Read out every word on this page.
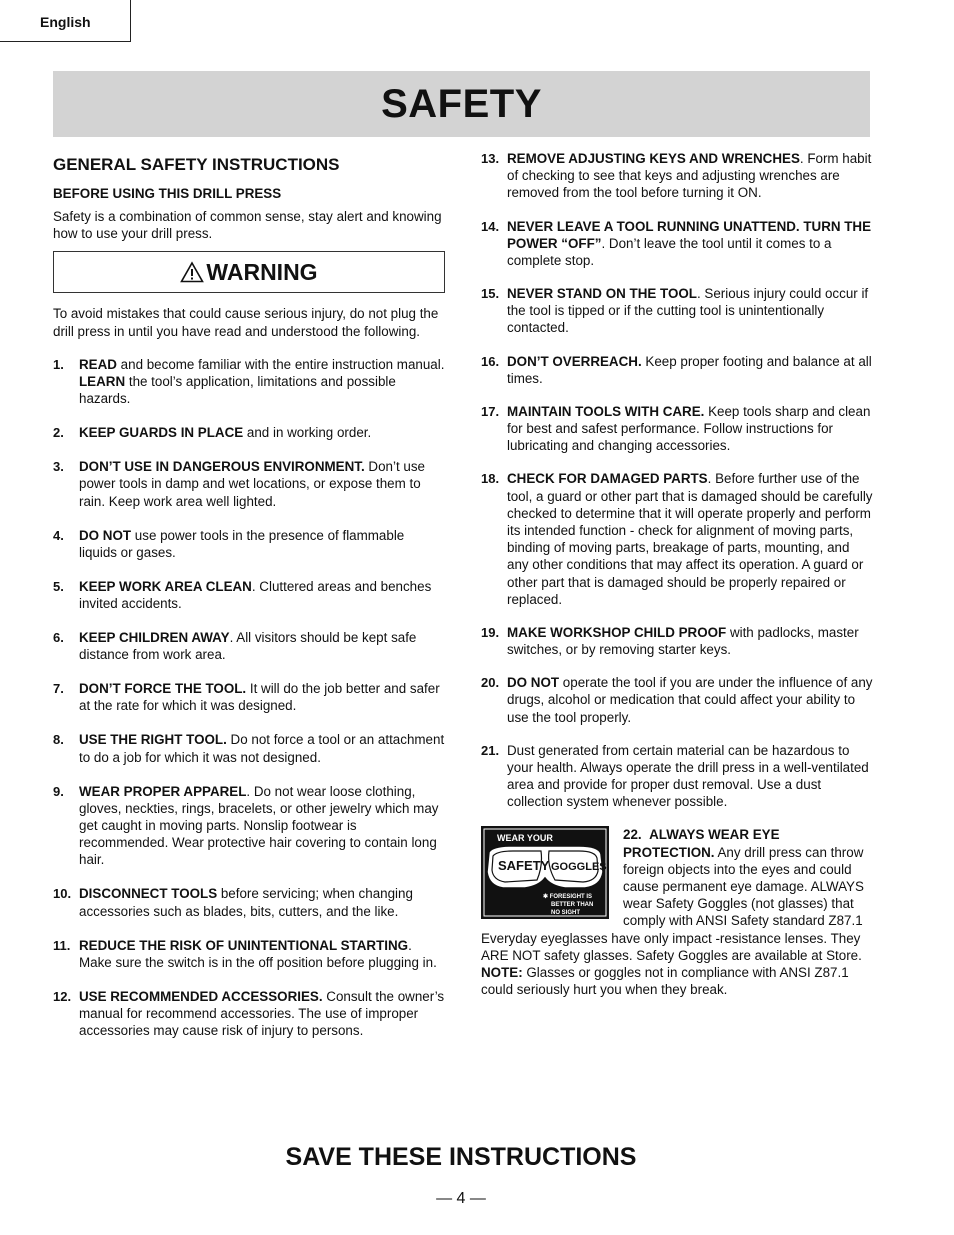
English
SAFETY
GENERAL SAFETY INSTRUCTIONS
BEFORE USING THIS DRILL PRESS

Safety is a combination of common sense, stay alert and knowing how to use your drill press.

WARNING

To avoid mistakes that could cause serious injury, do not plug the drill press in until you have read and understood the following.

1.	READ and become familiar with the entire instruction manual. LEARN the tool’s application, limitations and possible hazards.
2.	KEEP GUARDS IN PLACE and in working order.
3.	DON’T USE IN DANGEROUS ENVIRONMENT. Don’t use power tools in damp and wet locations, or expose them to rain. Keep work area well lighted.
4.	DO NOT use power tools in the presence of flammable liquids or gases.
5.	KEEP WORK AREA CLEAN. Cluttered areas and benches invited accidents.
6.	KEEP CHILDREN AWAY. All visitors should be kept safe distance from work area.
7.	DON’T FORCE THE TOOL. It will do the job better and safer at the rate for which it was designed.
8.	USE THE RIGHT TOOL. Do not force a tool or an attachment to do a job for which it was not designed.
9.	WEAR PROPER APPAREL. Do not wear loose clothing, gloves, neckties, rings, bracelets, or other jewelry which may get caught in moving parts. Nonslip footwear is recommended. Wear protective hair covering to contain long hair.
10. DISCONNECT TOOLS before servicing; when changing accessories such as blades, bits, cutters, and the like.
11. REDUCE THE RISK OF UNINTENTIONAL STARTING. Make sure the switch is in the off position before plugging in.
12. USE RECOMMENDED ACCESSORIES. Consult the owner’s manual for recommend accessories. The use of improper accessories may cause risk of injury to persons.
13. REMOVE ADJUSTING KEYS AND WRENCHES. Form habit of checking to see that keys and adjusting wrenches are removed from the tool before turning it ON.
14. NEVER LEAVE A TOOL RUNNING UNATTEND. TURN THE POWER “OFF”. Don’t leave the tool until it comes to a complete stop.
15. NEVER STAND ON THE TOOL. Serious injury could occur if the tool is tipped or if the cutting tool is unintentionally contacted.
16. DON’T OVERREACH. Keep proper footing and balance at all times.
17. MAINTAIN TOOLS WITH CARE. Keep tools sharp and clean for best and safest performance. Follow instructions for lubricating and changing accessories.
18. CHECK FOR DAMAGED PARTS. Before further use of the tool, a guard or other part that is damaged should be carefully checked to determine that it will operate properly and perform its intended function - check for alignment of moving parts, binding of moving parts, breakage of parts, mounting, and any other conditions that may affect its operation. A guard or other part that is damaged should be properly repaired or replaced.
19. MAKE WORKSHOP CHILD PROOF with padlocks, master switches, or by removing starter keys.
20. DO NOT operate the tool if you are under the influence of any drugs, alcohol or medication that could affect your ability to use the tool properly.
21. Dust generated from certain material can be hazardous to your health. Always operate the drill press in a well-ventilated area and provide for proper dust removal. Use a dust collection system whenever possible.
WEAR YOUR
SAFETY GOGGLES
✱ FORESIGHT IS
BETTER THAN
NO SIGHT

22. ALWAYS WEAR EYE PROTECTION. Any drill press can throw foreign objects into the eyes and could cause permanent eye damage. ALWAYS wear Safety Goggles (not glasses) that comply with ANSI Safety standard Z87.1 Everyday eyeglasses have only impact -resistance lenses. They ARE NOT safety glasses. Safety Goggles are available at Store. NOTE: Glasses or goggles not in compliance with ANSI Z87.1 could seriously hurt you when they break.

SAVE THESE INSTRUCTIONS
— 4 —
